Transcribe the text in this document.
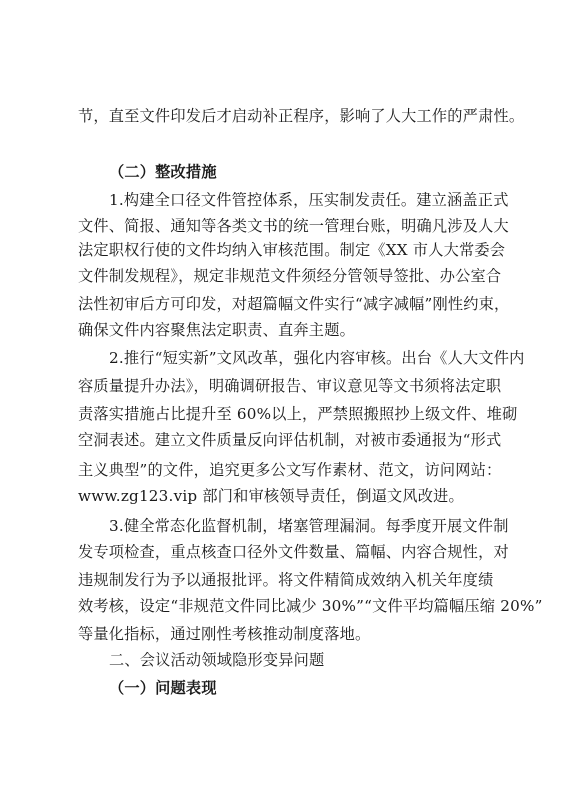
节，直至文件印发后才启动补正程序，影响了人大工作的严肃性。
（二）整改措施
1.构建全口径文件管控体系，压实制发责任。建立涵盖正式
文件、简报、通知等各类文书的统一管理台账，明确凡涉及人大
法定职权行使的文件均纳入审核范围。制定《XX 市人大常委会
文件制发规程》，规定非规范文件须经分管领导签批、办公室合
法性初审后方可印发，对超篇幅文件实行“减字减幅”刚性约束，
确保文件内容聚焦法定职责、直奔主题。
2.推行“短实新”文风改革，强化内容审核。出台《人大文件内
容质量提升办法》，明确调研报告、审议意见等文书须将法定职
责落实措施占比提升至 60%以上，严禁照搬照抄上级文件、堆砌
空洞表述。建立文件质量反向评估机制，对被市委通报为“形式
主义典型”的文件，追究更多公文写作素材、范文，访问网站：
www.zg123.vip 部门和审核领导责任，倒逼文风改进。
3.健全常态化监督机制，堵塞管理漏洞。每季度开展文件制
发专项检查，重点核查口径外文件数量、篇幅、内容合规性，对
违规制发行为予以通报批评。将文件精简成效纳入机关年度绩
效考核，设定“非规范文件同比减少 30%”“文件平均篇幅压缩 20%”
等量化指标，通过刚性考核推动制度落地。
二、会议活动领域隐形变异问题
（一）问题表现
